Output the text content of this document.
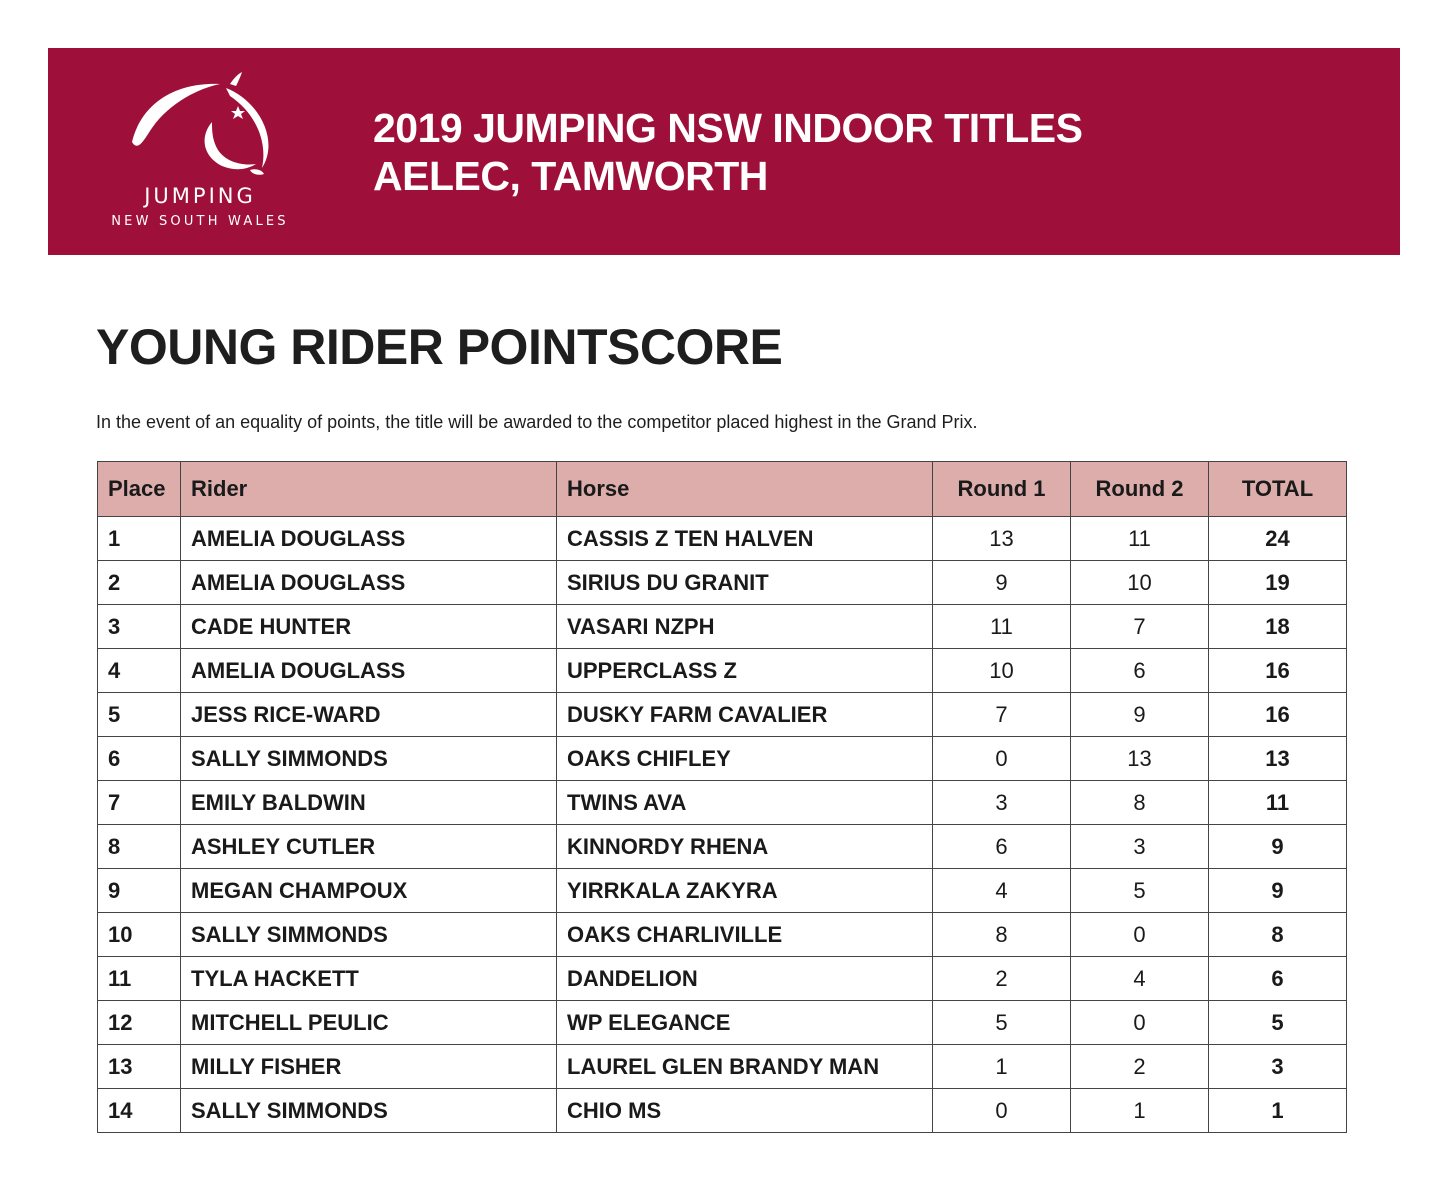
JUMPING
NEW SOUTH WALES
2019 JUMPING NSW INDOOR TITLES
AELEC, TAMWORTH
YOUNG RIDER POINTSCORE
In the event of an equality of points, the title will be awarded to the competitor placed highest in the Grand Prix.
Place	Rider	Horse	Round 1	Round 2	TOTAL
1	AMELIA DOUGLASS	CASSIS Z TEN HALVEN	13	11	24
2	AMELIA DOUGLASS	SIRIUS DU GRANIT	9	10	19
3	CADE HUNTER	VASARI NZPH	11	7	18
4	AMELIA DOUGLASS	UPPERCLASS Z	10	6	16
5	JESS RICE-WARD	DUSKY FARM CAVALIER	7	9	16
6	SALLY SIMMONDS	OAKS CHIFLEY	0	13	13
7	EMILY BALDWIN	TWINS AVA	3	8	11
8	ASHLEY CUTLER	KINNORDY RHENA	6	3	9
9	MEGAN CHAMPOUX	YIRRKALA ZAKYRA	4	5	9
10	SALLY SIMMONDS	OAKS CHARLIVILLE	8	0	8
11	TYLA HACKETT	DANDELION	2	4	6
12	MITCHELL PEULIC	WP ELEGANCE	5	0	5
13	MILLY FISHER	LAUREL GLEN BRANDY MAN	1	2	3
14	SALLY SIMMONDS	CHIO MS	0	1	1
